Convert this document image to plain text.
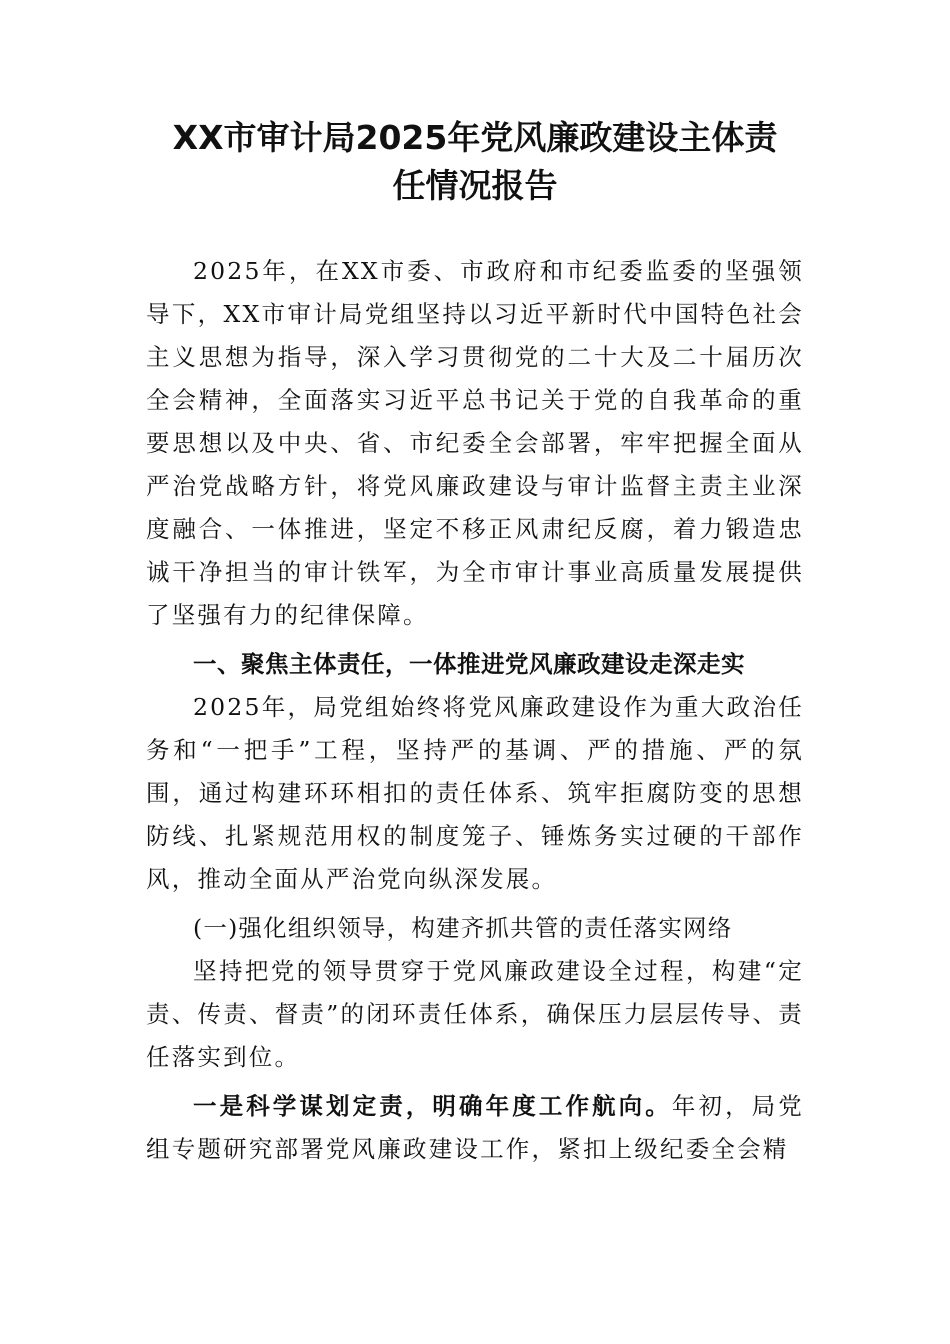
XX市审计局2025年党风廉政建设主体责
任情况报告

2025年，在XX市委、市政府和市纪委监委的坚强领导下，XX市审计局党组坚持以习近平新时代中国特色社会主义思想为指导，深入学习贯彻党的二十大及二十届历次全会精神，全面落实习近平总书记关于党的自我革命的重要思想以及中央、省、市纪委全会部署，牢牢把握全面从严治党战略方针，将党风廉政建设与审计监督主责主业深度融合、一体推进，坚定不移正风肃纪反腐，着力锻造忠诚干净担当的审计铁军，为全市审计事业高质量发展提供了坚强有力的纪律保障。

一、聚焦主体责任，一体推进党风廉政建设走深走实

2025年，局党组始终将党风廉政建设作为重大政治任务和“一把手”工程，坚持严的基调、严的措施、严的氛围，通过构建环环相扣的责任体系、筑牢拒腐防变的思想防线、扎紧规范用权的制度笼子、锤炼务实过硬的干部作风，推动全面从严治党向纵深发展。

(一)强化组织领导，构建齐抓共管的责任落实网络

坚持把党的领导贯穿于党风廉政建设全过程，构建“定责、传责、督责”的闭环责任体系，确保压力层层传导、责任落实到位。

一是科学谋划定责，明确年度工作航向。年初，局党组专题研究部署党风廉政建设工作，紧扣上级纪委全会精
